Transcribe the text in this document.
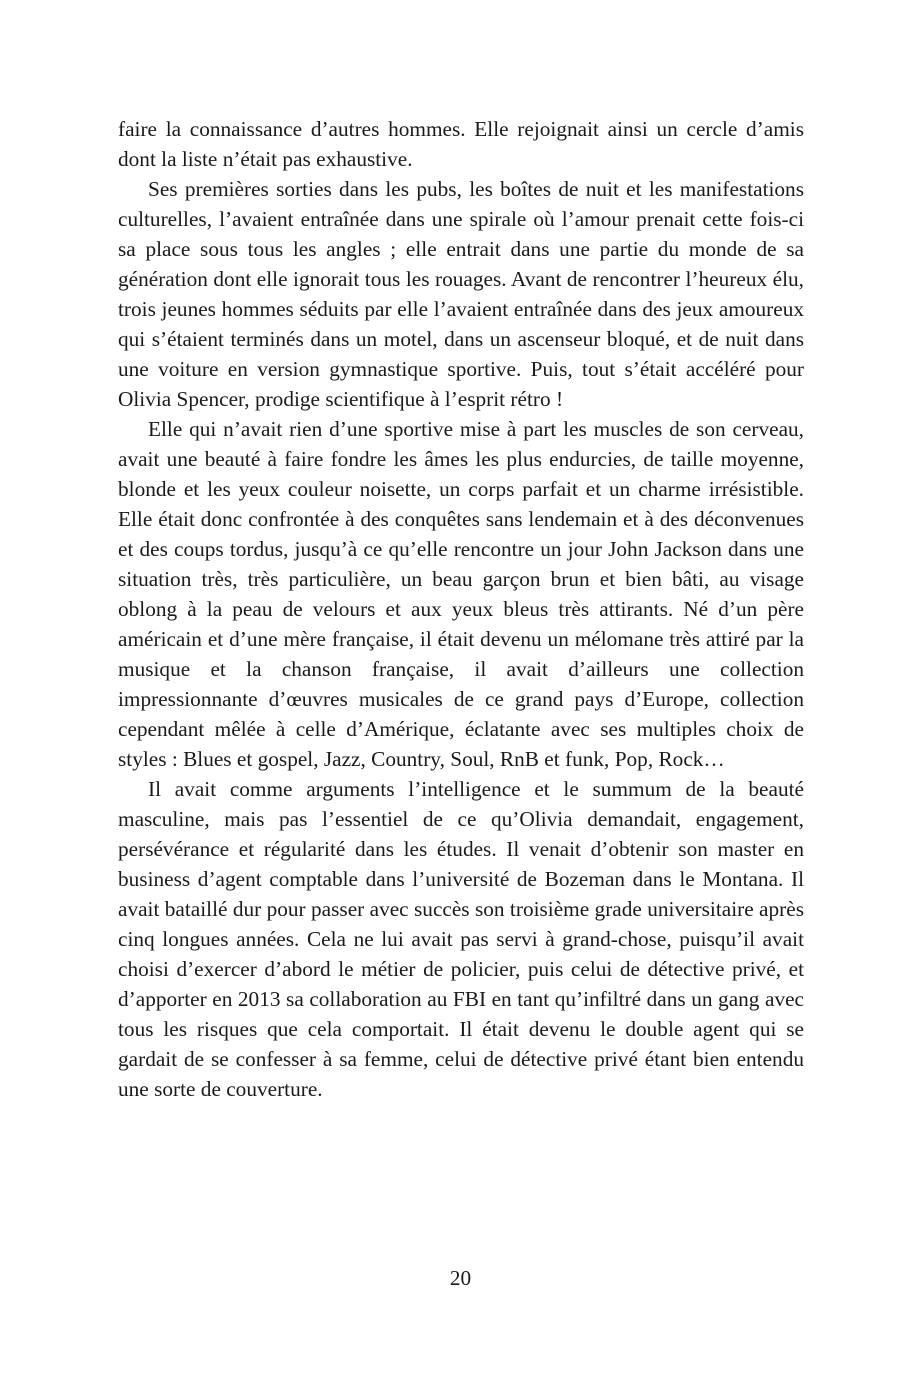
faire la connaissance d’autres hommes. Elle rejoignait ainsi un cercle d’amis dont la liste n’était pas exhaustive.

Ses premières sorties dans les pubs, les boîtes de nuit et les manifestations culturelles, l’avaient entraînée dans une spirale où l’amour prenait cette fois-ci sa place sous tous les angles ; elle entrait dans une partie du monde de sa génération dont elle ignorait tous les rouages. Avant de rencontrer l’heureux élu, trois jeunes hommes séduits par elle l’avaient entraînée dans des jeux amoureux qui s’étaient terminés dans un motel, dans un ascenseur bloqué, et de nuit dans une voiture en version gymnastique sportive. Puis, tout s’était accéléré pour Olivia Spencer, prodige scientifique à l’esprit rétro !

Elle qui n’avait rien d’une sportive mise à part les muscles de son cerveau, avait une beauté à faire fondre les âmes les plus endurcies, de taille moyenne, blonde et les yeux couleur noisette, un corps parfait et un charme irrésistible. Elle était donc confrontée à des conquêtes sans lendemain et à des déconvenues et des coups tordus, jusqu’à ce qu’elle rencontre un jour John Jackson dans une situation très, très particulière, un beau garçon brun et bien bâti, au visage oblong à la peau de velours et aux yeux bleus très attirants. Né d’un père américain et d’une mère française, il était devenu un mélomane très attiré par la musique et la chanson française, il avait d’ailleurs une collection impressionnante d’œuvres musicales de ce grand pays d’Europe, collection cependant mêlée à celle d’Amérique, éclatante avec ses multiples choix de styles : Blues et gospel, Jazz, Country, Soul, RnB et funk, Pop, Rock…

Il avait comme arguments l’intelligence et le summum de la beauté masculine, mais pas l’essentiel de ce qu’Olivia demandait, engagement, persévérance et régularité dans les études. Il venait d’obtenir son master en business d’agent comptable dans l’université de Bozeman dans le Montana. Il avait bataillé dur pour passer avec succès son troisième grade universitaire après cinq longues années. Cela ne lui avait pas servi à grand-chose, puisqu’il avait choisi d’exercer d’abord le métier de policier, puis celui de détective privé, et d’apporter en 2013 sa collaboration au FBI en tant qu’infiltré dans un gang avec tous les risques que cela comportait. Il était devenu le double agent qui se gardait de se confesser à sa femme, celui de détective privé étant bien entendu une sorte de couverture.

20
